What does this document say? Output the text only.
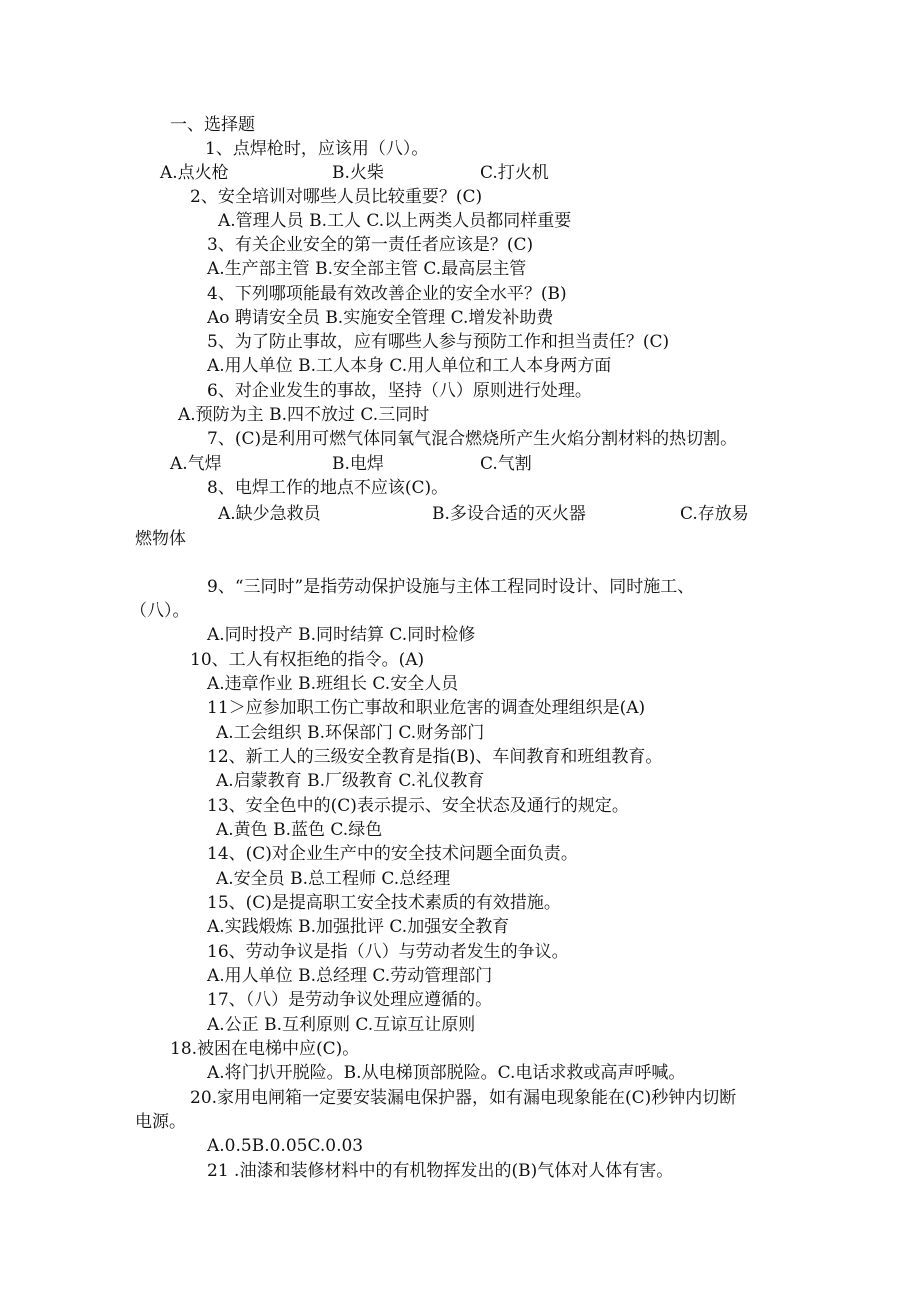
一、选择题
1、点焊枪时，应该用（八）。
A.点火枪	B.火柴	C.打火机
2、安全培训对哪些人员比较重要？(C)
A.管理人员 B.工人 C.以上两类人员都同样重要
3、有关企业安全的第一责任者应该是？(C)
A.生产部主管 B.安全部主管 C.最高层主管
4、下列哪项能最有效改善企业的安全水平？(B)
Ao 聘请安全员 B.实施安全管理 C.增发补助费
5、为了防止事故，应有哪些人参与预防工作和担当责任？(C)
A.用人单位 B.工人本身 C.用人单位和工人本身两方面
6、对企业发生的事故，坚持（八）原则进行处理。
A.预防为主 B.四不放过 C.三同时
7、(C)是利用可燃气体同氧气混合燃烧所产生火焰分割材料的热切割。
A.气焊	B.电焊	C.气割
8、电焊工作的地点不应该(C)。
A.缺少急救员	B.多设合适的灭火器	C.存放易
燃物体
9、“三同时”是指劳动保护设施与主体工程同时设计、同时施工、
（八）。
A.同时投产 B.同时结算 C.同时检修
10、工人有权拒绝的指令。(A)
A.违章作业 B.班组长 C.安全人员
11＞应参加职工伤亡事故和职业危害的调查处理组织是(A)
A.工会组织 B.环保部门 C.财务部门
12、新工人的三级安全教育是指(B)、车间教育和班组教育。
A.启蒙教育 B.厂级教育 C.礼仪教育
13、安全色中的(C)表示提示、安全状态及通行的规定。
A.黄色 B.蓝色 C.绿色
14、(C)对企业生产中的安全技术问题全面负责。
A.安全员 B.总工程师 C.总经理
15、(C)是提高职工安全技术素质的有效措施。
A.实践煅炼 B.加强批评 C.加强安全教育
16、劳动争议是指（八）与劳动者发生的争议。
A.用人单位 B.总经理 C.劳动管理部门
17、（八）是劳动争议处理应遵循的。
A.公正 B.互利原则 C.互谅互让原则
18.被困在电梯中应(C)。
A.将门扒开脱险。B.从电梯顶部脱险。C.电话求救或高声呼喊。
20.家用电闸箱一定要安装漏电保护器，如有漏电现象能在(C)秒钟内切断
电源。
A.0.5B.0.05C.0.03
21 .油漆和装修材料中的有机物挥发出的(B)气体对人体有害。
